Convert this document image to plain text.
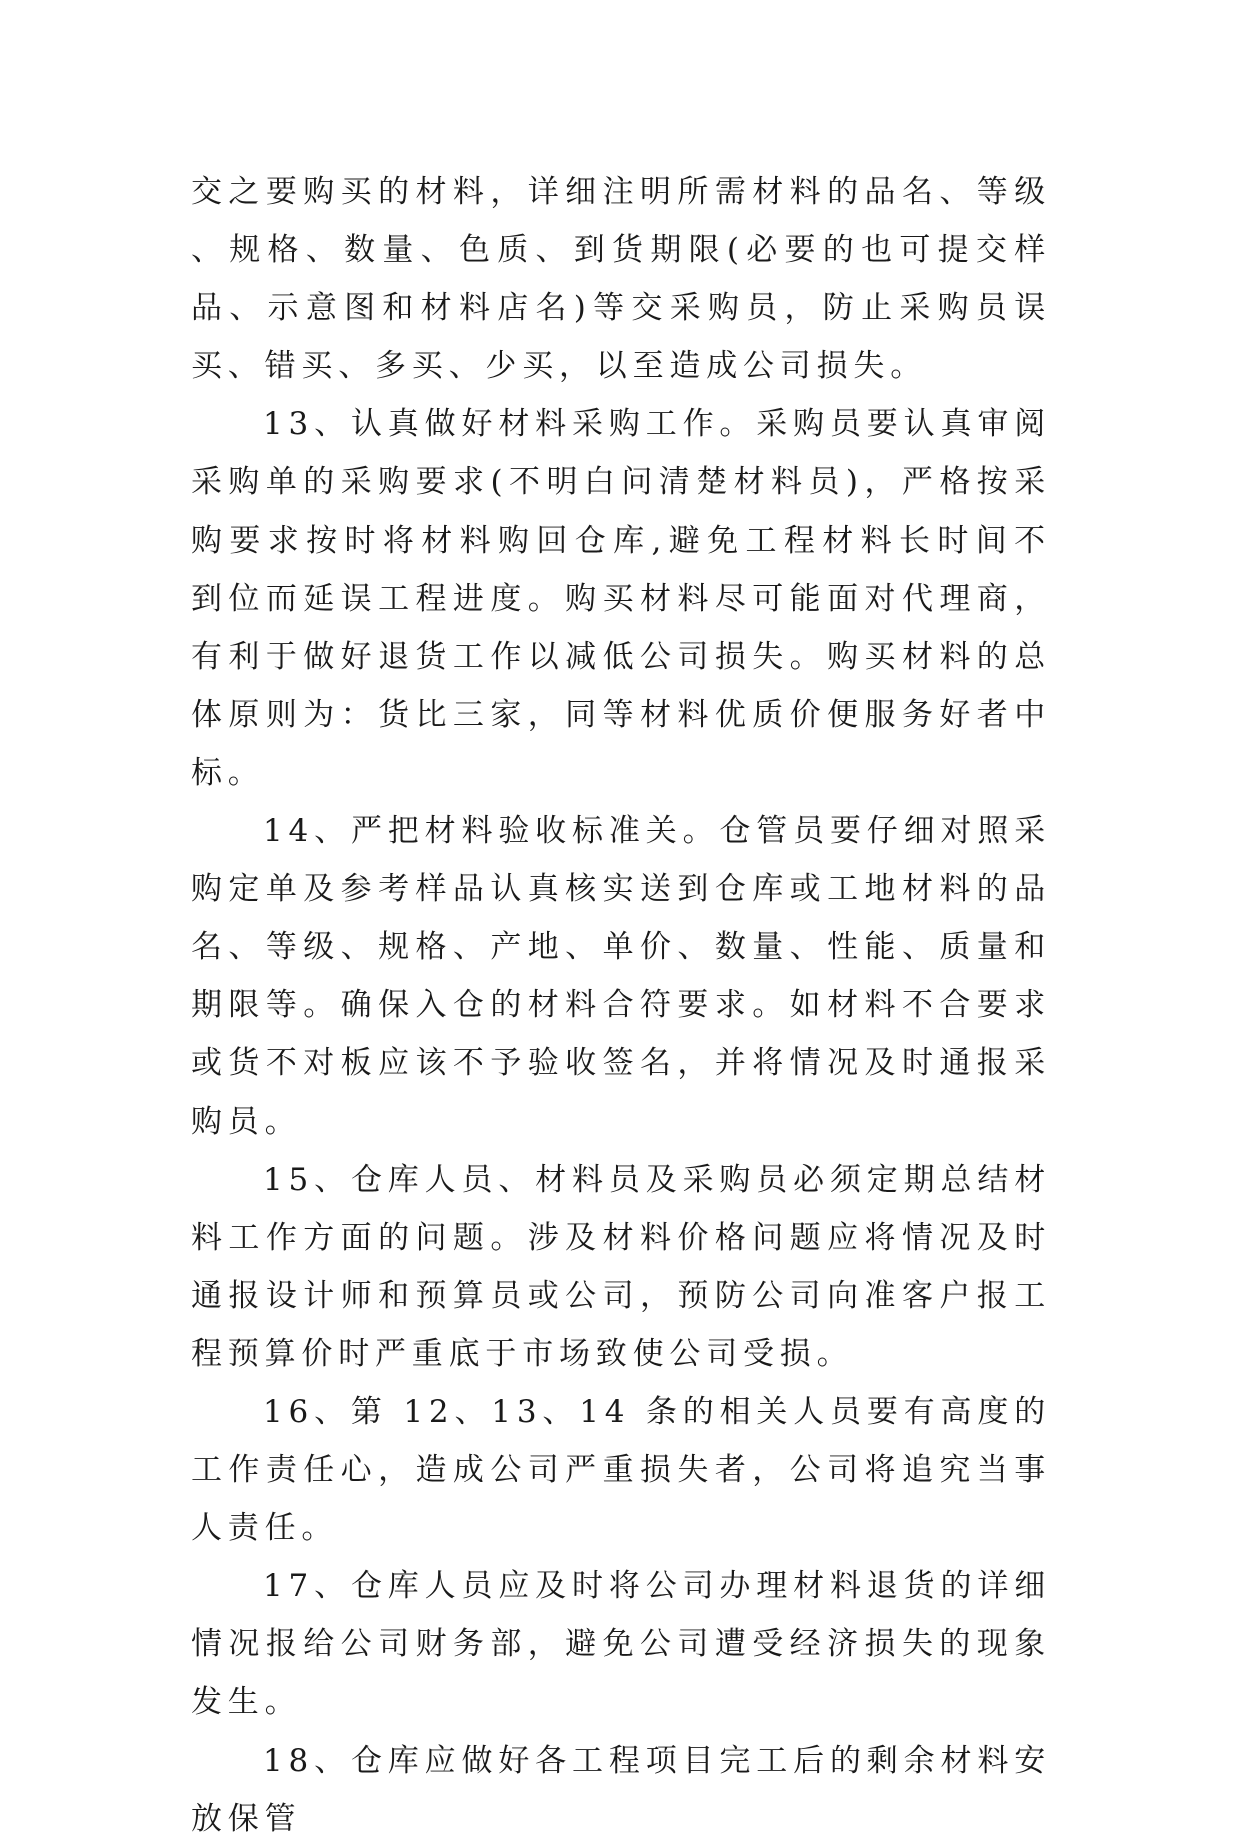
交之要购买的材料，详细注明所需材料的品名、等级、规格、数量、色质、到货期限(必要的也可提交样品、示意图和材料店名)等交采购员，防止采购员误买、错买、多买、少买，以至造成公司损失。

13、认真做好材料采购工作。采购员要认真审阅采购单的采购要求(不明白问清楚材料员)，严格按采购要求按时将材料购回仓库,避免工程材料长时间不到位而延误工程进度。购买材料尽可能面对代理商，有利于做好退货工作以减低公司损失。购买材料的总体原则为：货比三家，同等材料优质价便服务好者中标。

14、严把材料验收标准关。仓管员要仔细对照采购定单及参考样品认真核实送到仓库或工地材料的品名、等级、规格、产地、单价、数量、性能、质量和期限等。确保入仓的材料合符要求。如材料不合要求或货不对板应该不予验收签名，并将情况及时通报采购员。

15、仓库人员、材料员及采购员必须定期总结材料工作方面的问题。涉及材料价格问题应将情况及时通报设计师和预算员或公司，预防公司向准客户报工程预算价时严重底于市场致使公司受损。

16、第 12、13、14 条的相关人员要有高度的工作责任心，造成公司严重损失者，公司将追究当事人责任。

17、仓库人员应及时将公司办理材料退货的详细情况报给公司财务部，避免公司遭受经济损失的现象发生。

18、仓库应做好各工程项目完工后的剩余材料安放保管
